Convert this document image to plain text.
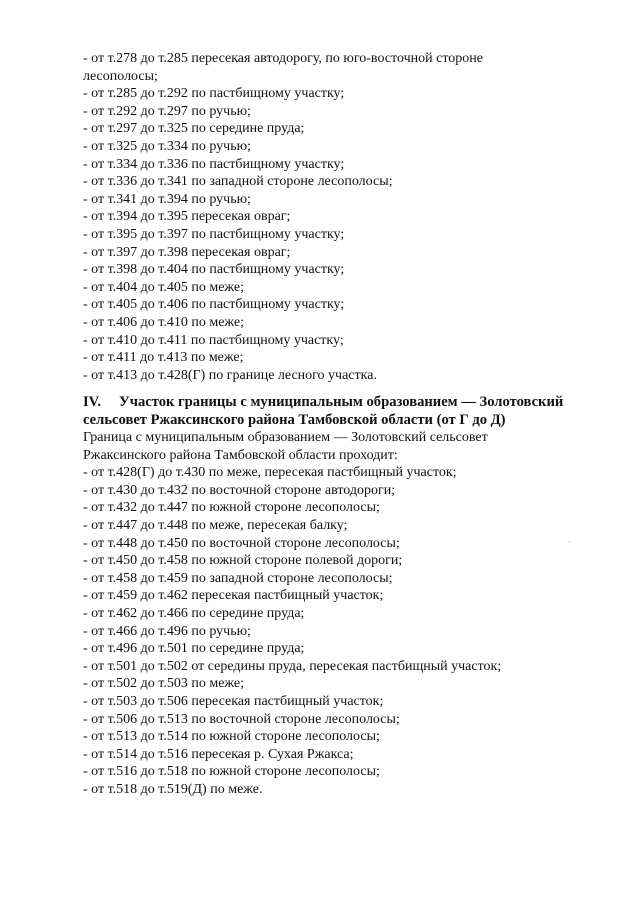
- от т.278 до т.285 пересекая автодорогу, по юго-восточной стороне
лесополосы;
- от т.285 до т.292 по пастбищному участку;
- от т.292 до т.297 по ручью;
- от т.297 до т.325 по середине пруда;
- от т.325 до т.334 по ручью;
- от т.334 до т.336 по пастбищному участку;
- от т.336 до т.341 по западной стороне лесополосы;
- от т.341 до т.394 по ручью;
- от т.394 до т.395 пересекая овраг;
- от т.395 до т.397 по пастбищному участку;
- от т.397 до т.398 пересекая овраг;
- от т.398 до т.404 по пастбищному участку;
- от т.404 до т.405 по меже;
- от т.405 до т.406 по пастбищному участку;
- от т.406 до т.410 по меже;
- от т.410 до т.411 по пастбищному участку;
- от т.411 до т.413 по меже;
- от т.413 до т.428(Г) по границе лесного участка.
IV. Участок границы с муниципальным образованием — Золотовский
сельсовет Ржаксинского района Тамбовской области (от Г до Д)
Граница с муниципальным образованием — Золотовский сельсовет
Ржаксинского района Тамбовской области проходит:
- от т.428(Г) до т.430 по меже, пересекая пастбищный участок;
- от т.430 до т.432 по восточной стороне автодороги;
- от т.432 до т.447 по южной стороне лесополосы;
- от т.447 до т.448 по меже, пересекая балку;
- от т.448 до т.450 по восточной стороне лесополосы;
- от т.450 до т.458 по южной стороне полевой дороги;
- от т.458 до т.459 по западной стороне лесополосы;
- от т.459 до т.462 пересекая пастбищный участок;
- от т.462 до т.466 по середине пруда;
- от т.466 до т.496 по ручью;
- от т.496 до т.501 по середине пруда;
- от т.501 до т.502 от середины пруда, пересекая пастбищный участок;
- от т.502 до т.503 по меже;
- от т.503 до т.506 пересекая пастбищный участок;
- от т.506 до т.513 по восточной стороне лесополосы;
- от т.513 до т.514 по южной стороне лесополосы;
- от т.514 до т.516 пересекая р. Сухая Ржакса;
- от т.516 до т.518 по южной стороне лесополосы;
- от т.518 до т.519(Д) по меже.
